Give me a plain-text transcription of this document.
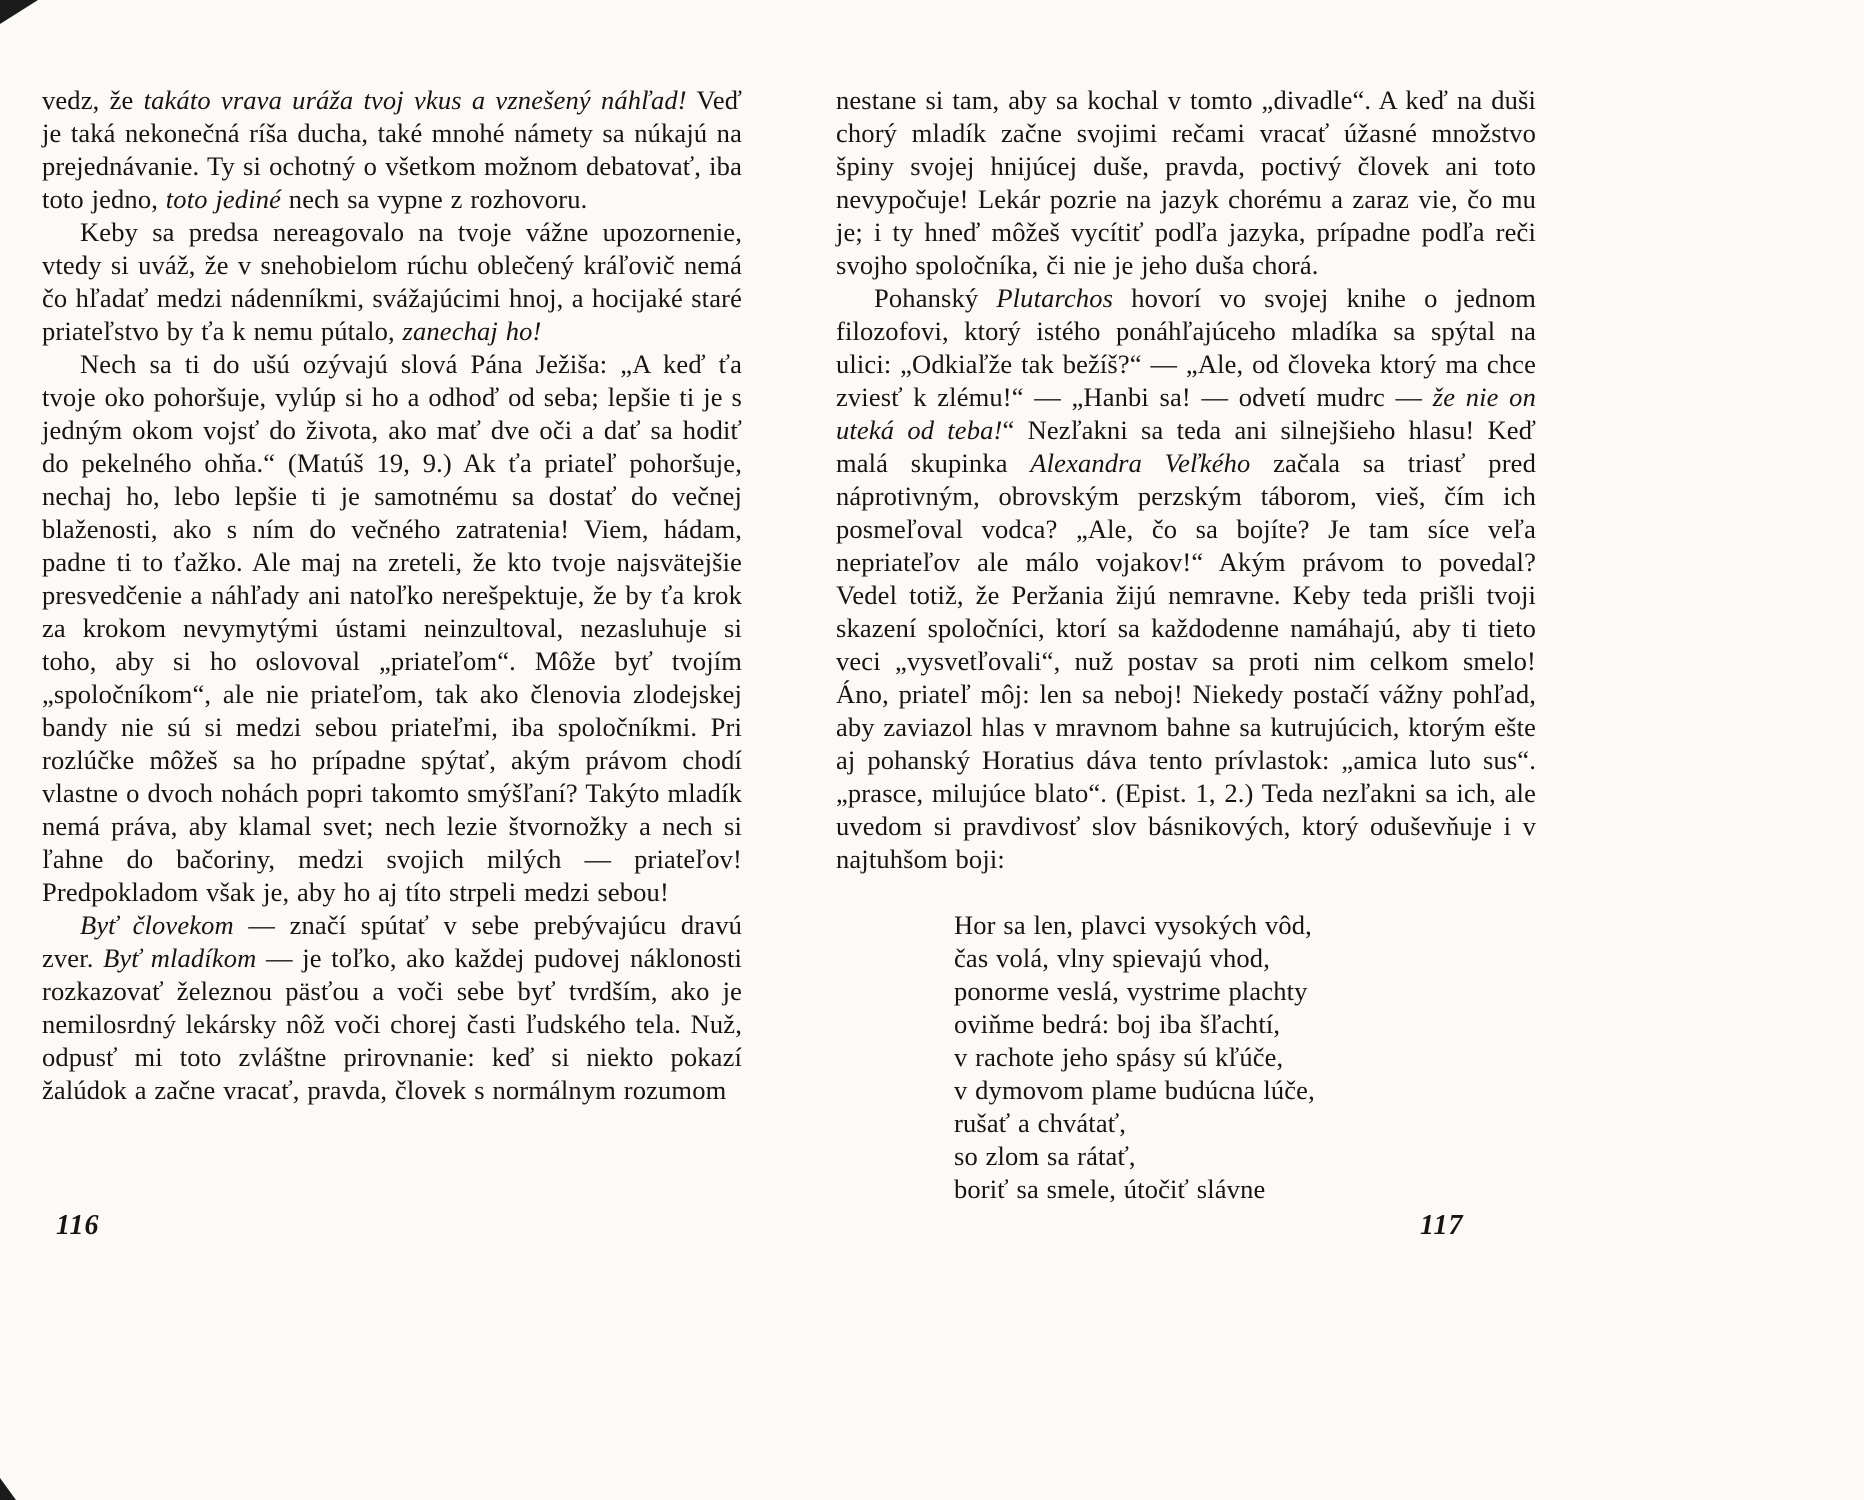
vedz, že takáto vrava uráža tvoj vkus a vznešený náhľad! Veď je taká nekonečná ríša ducha, také mnohé námety sa núkajú na prejednávanie. Ty si ochotný o všetkom možnom debatovať, iba toto jedno, toto jediné nech sa vypne z rozhovoru.

Keby sa predsa nereagovalo na tvoje vážne upozornenie, vtedy si uváž, že v snehobielom rúchu oblečený kráľovič nemá čo hľadať medzi nádenníkmi, svážajúcimi hnoj, a hocijaké staré priateľstvo by ťa k nemu pútalo, zanechaj ho!

Nech sa ti do ušú ozývajú slová Pána Ježiša: „A keď ťa tvoje oko pohoršuje, vylúp si ho a odhoď od seba; lepšie ti je s jedným okom vojsť do života, ako mať dve oči a dať sa hodiť do pekelného ohňa.“ (Matúš 19, 9.) Ak ťa priateľ pohoršuje, nechaj ho, lebo lepšie ti je samotnému sa dostať do večnej blaženosti, ako s ním do večného zatratenia! Viem, hádam, padne ti to ťažko. Ale maj na zreteli, že kto tvoje najsvätejšie presvedčenie a náhľady ani natoľko nerešpektuje, že by ťa krok za krokom nevymytými ústami neinzultoval, nezasluhuje si toho, aby si ho oslovoval „priateľom“. Môže byť tvojím „spoločníkom“, ale nie priateľom, tak ako členovia zlodejskej bandy nie sú si medzi sebou priateľmi, iba spoločníkmi. Pri rozlúčke môžeš sa ho prípadne spýtať, akým právom chodí vlastne o dvoch nohách popri takomto smýšľaní? Takýto mladík nemá práva, aby klamal svet; nech lezie štvornožky a nech si ľahne do bačoriny, medzi svojich milých — priateľov! Predpokladom však je, aby ho aj títo strpeli medzi sebou!

Byť človekom — značí spútať v sebe prebývajúcu dravú zver. Byť mladíkom — je toľko, ako každej pudovej náklonosti rozkazovať železnou päsťou a voči sebe byť tvrdším, ako je nemilosrdný lekársky nôž voči chorej časti ľudského tela. Nuž, odpusť mi toto zvláštne prirovnanie: keď si niekto pokazí žalúdok a začne vracať, pravda, človek s normálnym rozumom

nestane si tam, aby sa kochal v tomto „divadle“. A keď na duši chorý mladík začne svojimi rečami vracať úžasné množstvo špiny svojej hnijúcej duše, pravda, poctivý človek ani toto nevypočuje! Lekár pozrie na jazyk chorému a zaraz vie, čo mu je; i ty hneď môžeš vycítiť podľa jazyka, prípadne podľa reči svojho spoločníka, či nie je jeho duša chorá.

Pohanský Plutarchos hovorí vo svojej knihe o jednom filozofovi, ktorý istého ponáhľajúceho mladíka sa spýtal na ulici: „Odkiaľže tak bežíš?“ — „Ale, od človeka ktorý ma chce zviesť k zlému!“ — „Hanbi sa! — odvetí mudrc — že nie on uteká od teba!“ Nezľakni sa teda ani silnejšieho hlasu! Keď malá skupinka Alexandra Veľkého začala sa triasť pred náprotivným, obrovským perzským táborom, vieš, čím ich posmeľoval vodca? „Ale, čo sa bojíte? Je tam síce veľa nepriateľov ale málo vojakov!“ Akým právom to povedal? Vedel totiž, že Peržania žijú nemravne. Keby teda prišli tvoji skazení spoločníci, ktorí sa každodenne namáhajú, aby ti tieto veci „vysvetľovali“, nuž postav sa proti nim celkom smelo! Áno, priateľ môj: len sa neboj! Niekedy postačí vážny pohľad, aby zaviazol hlas v mravnom bahne sa kutrujúcich, ktorým ešte aj pohanský Horatius dáva tento prívlastok: „amica luto sus“. „prasce, milujúce blato“. (Epist. 1, 2.) Teda nezľakni sa ich, ale uvedom si pravdivosť slov básnikových, ktorý oduševňuje i v najtuhšom boji:

Hor sa len, plavci vysokých vôd,
čas volá, vlny spievajú vhod,
ponorme veslá, vystrime plachty
oviňme bedrá: boj iba šľachtí,
v rachote jeho spásy sú kľúče,
v dymovom plame budúcna lúče,
rušať a chvátať,
so zlom sa rátať,
boriť sa smele, útočiť slávne
116	117
